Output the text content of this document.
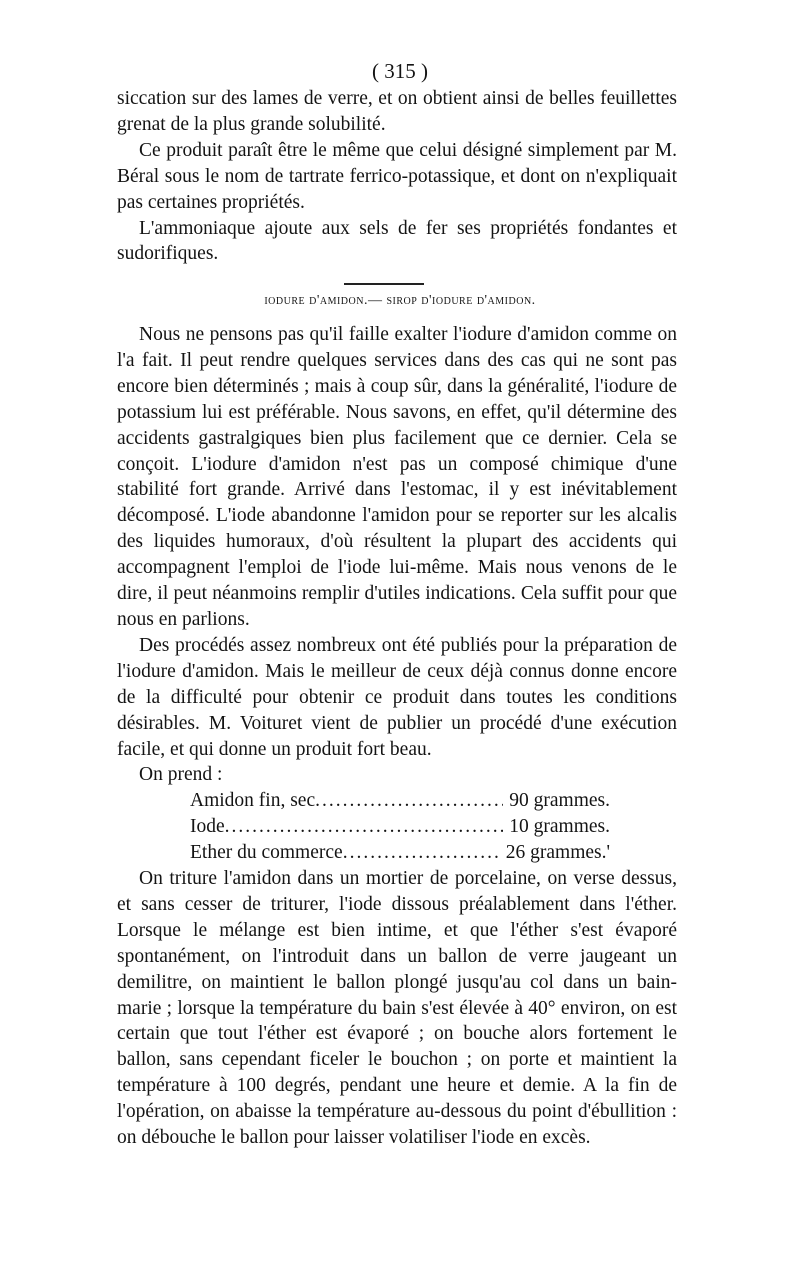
( 315 )

siccation sur des lames de verre, et on obtient ainsi de belles feuillettes grenat de la plus grande solubilité.

Ce produit paraît être le même que celui désigné simplement par M. Béral sous le nom de tartrate ferrico-potassique, et dont on n'expliquait pas certaines propriétés.

L'ammoniaque ajoute aux sels de fer ses propriétés fondantes et sudorifiques.

iodure d'amidon.— sirop d'iodure d'amidon.

Nous ne pensons pas qu'il faille exalter l'iodure d'amidon comme on l'a fait. Il peut rendre quelques services dans des cas qui ne sont pas encore bien déterminés ; mais à coup sûr, dans la généralité, l'iodure de potassium lui est préférable. Nous savons, en effet, qu'il détermine des accidents gastralgiques bien plus facilement que ce dernier. Cela se conçoit. L'iodure d'amidon n'est pas un composé chimique d'une stabilité fort grande. Arrivé dans l'estomac, il y est inévitablement décomposé. L'iode abandonne l'amidon pour se reporter sur les alcalis des liquides humoraux, d'où résultent la plupart des accidents qui accompagnent l'emploi de l'iode lui-même. Mais nous venons de le dire, il peut néanmoins remplir d'utiles indications. Cela suffit pour que nous en parlions.

Des procédés assez nombreux ont été publiés pour la préparation de l'iodure d'amidon. Mais le meilleur de ceux déjà connus donne encore de la difficulté pour obtenir ce produit dans toutes les conditions désirables. M. Voituret vient de publier un procédé d'une exécution facile, et qui donne un produit fort beau.

On prend :

Amidon fin, sec .....	90 grammes.
Iode .....	10 grammes.
Ether du commerce .....	26 grammes.'

On triture l'amidon dans un mortier de porcelaine, on verse dessus, et sans cesser de triturer, l'iode dissous préalablement dans l'éther. Lorsque le mélange est bien intime, et que l'éther s'est évaporé spontanément, on l'introduit dans un ballon de verre jaugeant un demilitre, on maintient le ballon plongé jusqu'au col dans un bain-marie ; lorsque la température du bain s'est élevée à 40° environ, on est certain que tout l'éther est évaporé ; on bouche alors fortement le ballon, sans cependant ficeler le bouchon ; on porte et maintient la température à 100 degrés, pendant une heure et demie. A la fin de l'opération, on abaisse la température au-dessous du point d'ébullition : on débouche le ballon pour laisser volatiliser l'iode en excès.
